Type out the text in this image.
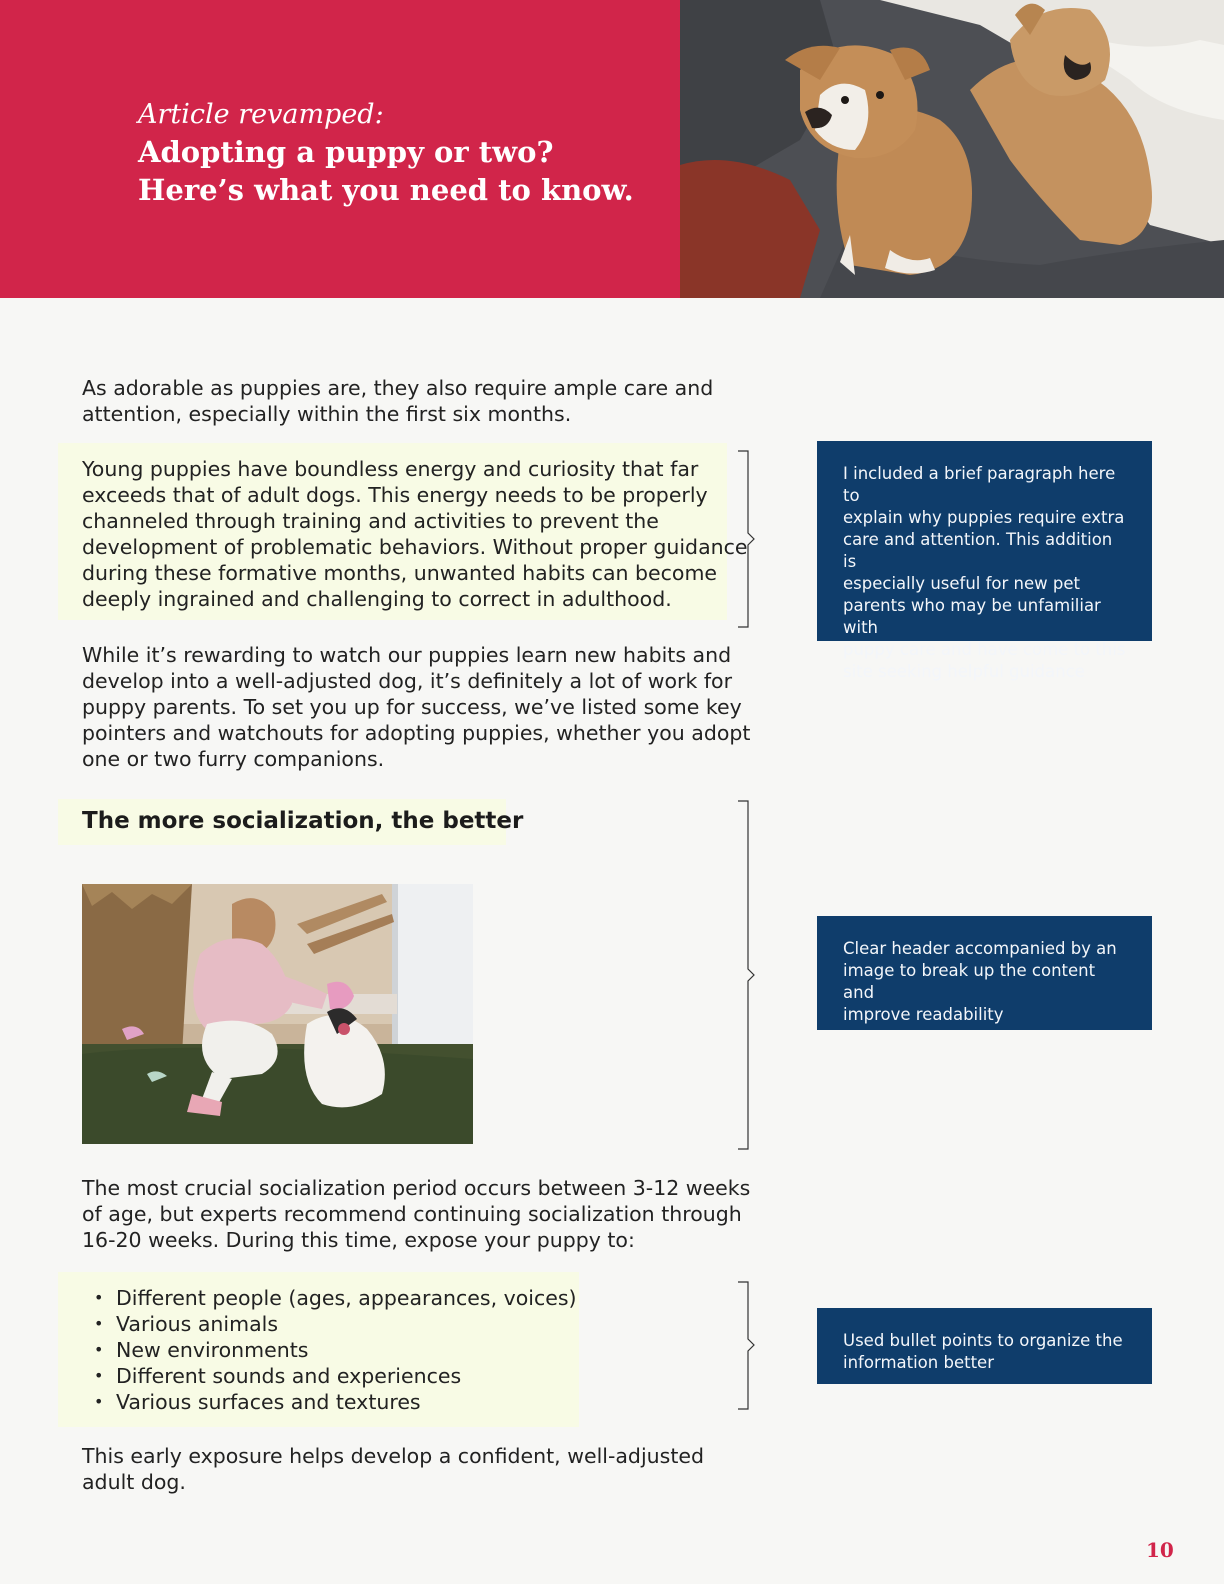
Article revamped:
Adopting a puppy or two?
Here’s what you need to know.
As adorable as puppies are, they also require ample care and
attention, especially within the first six months.
Young puppies have boundless energy and curiosity that far
exceeds that of adult dogs. This energy needs to be properly
channeled through training and activities to prevent the
development of problematic behaviors. Without proper guidance
during these formative months, unwanted habits can become
deeply ingrained and challenging to correct in adulthood.
While it’s rewarding to watch our puppies learn new habits and
develop into a well-adjusted dog, it’s definitely a lot of work for
puppy parents. To set you up for success, we’ve listed some key
pointers and watchouts for adopting puppies, whether you adopt
one or two furry companions.
The more socialization, the better
The most crucial socialization period occurs between 3-12 weeks
of age, but experts recommend continuing socialization through
16-20 weeks. During this time, expose your puppy to:
• Different people (ages, appearances, voices)
• Various animals
• New environments
• Different sounds and experiences
• Various surfaces and textures
This early exposure helps develop a confident, well-adjusted
adult dog.
I included a brief paragraph here to
explain why puppies require extra
care and attention. This addition is
especially useful for new pet
parents who may be unfamiliar with
puppy care and have come to this
site seeking helpful guidance
Clear header accompanied by an
image to break up the content and
improve readability
Used bullet points to organize the
information better
10
